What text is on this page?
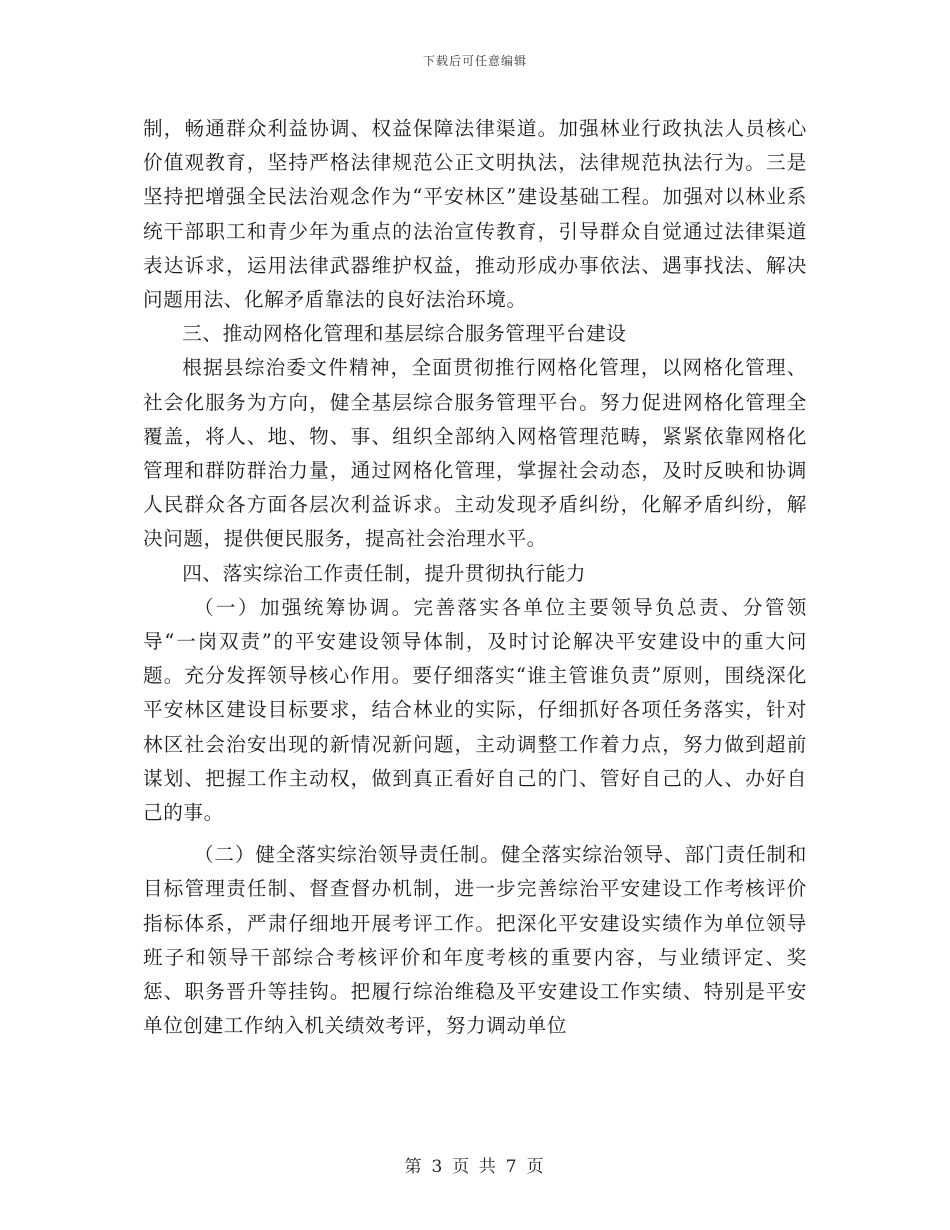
下载后可任意编辑

制，畅通群众利益协调、权益保障法律渠道。加强林业行政执法人员核心价值观教育，坚持严格法律规范公正文明执法，法律规范执法行为。三是坚持把增强全民法治观念作为“平安林区”建设基础工程。加强对以林业系统干部职工和青少年为重点的法治宣传教育，引导群众自觉通过法律渠道表达诉求，运用法律武器维护权益，推动形成办事依法、遇事找法、解决问题用法、化解矛盾靠法的良好法治环境。

三、推动网格化管理和基层综合服务管理平台建设

根据县综治委文件精神，全面贯彻推行网格化管理，以网格化管理、社会化服务为方向，健全基层综合服务管理平台。努力促进网格化管理全覆盖，将人、地、物、事、组织全部纳入网格管理范畴，紧紧依靠网格化管理和群防群治力量，通过网格化管理，掌握社会动态，及时反映和协调人民群众各方面各层次利益诉求。主动发现矛盾纠纷，化解矛盾纠纷，解决问题，提供便民服务，提高社会治理水平。

四、落实综治工作责任制，提升贯彻执行能力

（一）加强统筹协调。完善落实各单位主要领导负总责、分管领导“一岗双责”的平安建设领导体制，及时讨论解决平安建设中的重大问题。充分发挥领导核心作用。要仔细落实“谁主管谁负责”原则，围绕深化平安林区建设目标要求，结合林业的实际，仔细抓好各项任务落实，针对林区社会治安出现的新情况新问题，主动调整工作着力点，努力做到超前谋划、把握工作主动权，做到真正看好自己的门、管好自己的人、办好自己的事。

（二）健全落实综治领导责任制。健全落实综治领导、部门责任制和目标管理责任制、督查督办机制，进一步完善综治平安建设工作考核评价指标体系，严肃仔细地开展考评工作。把深化平安建设实绩作为单位领导班子和领导干部综合考核评价和年度考核的重要内容，与业绩评定、奖惩、职务晋升等挂钩。把履行综治维稳及平安建设工作实绩、特别是平安单位创建工作纳入机关绩效考评，努力调动单位

第 3 页 共 7 页
